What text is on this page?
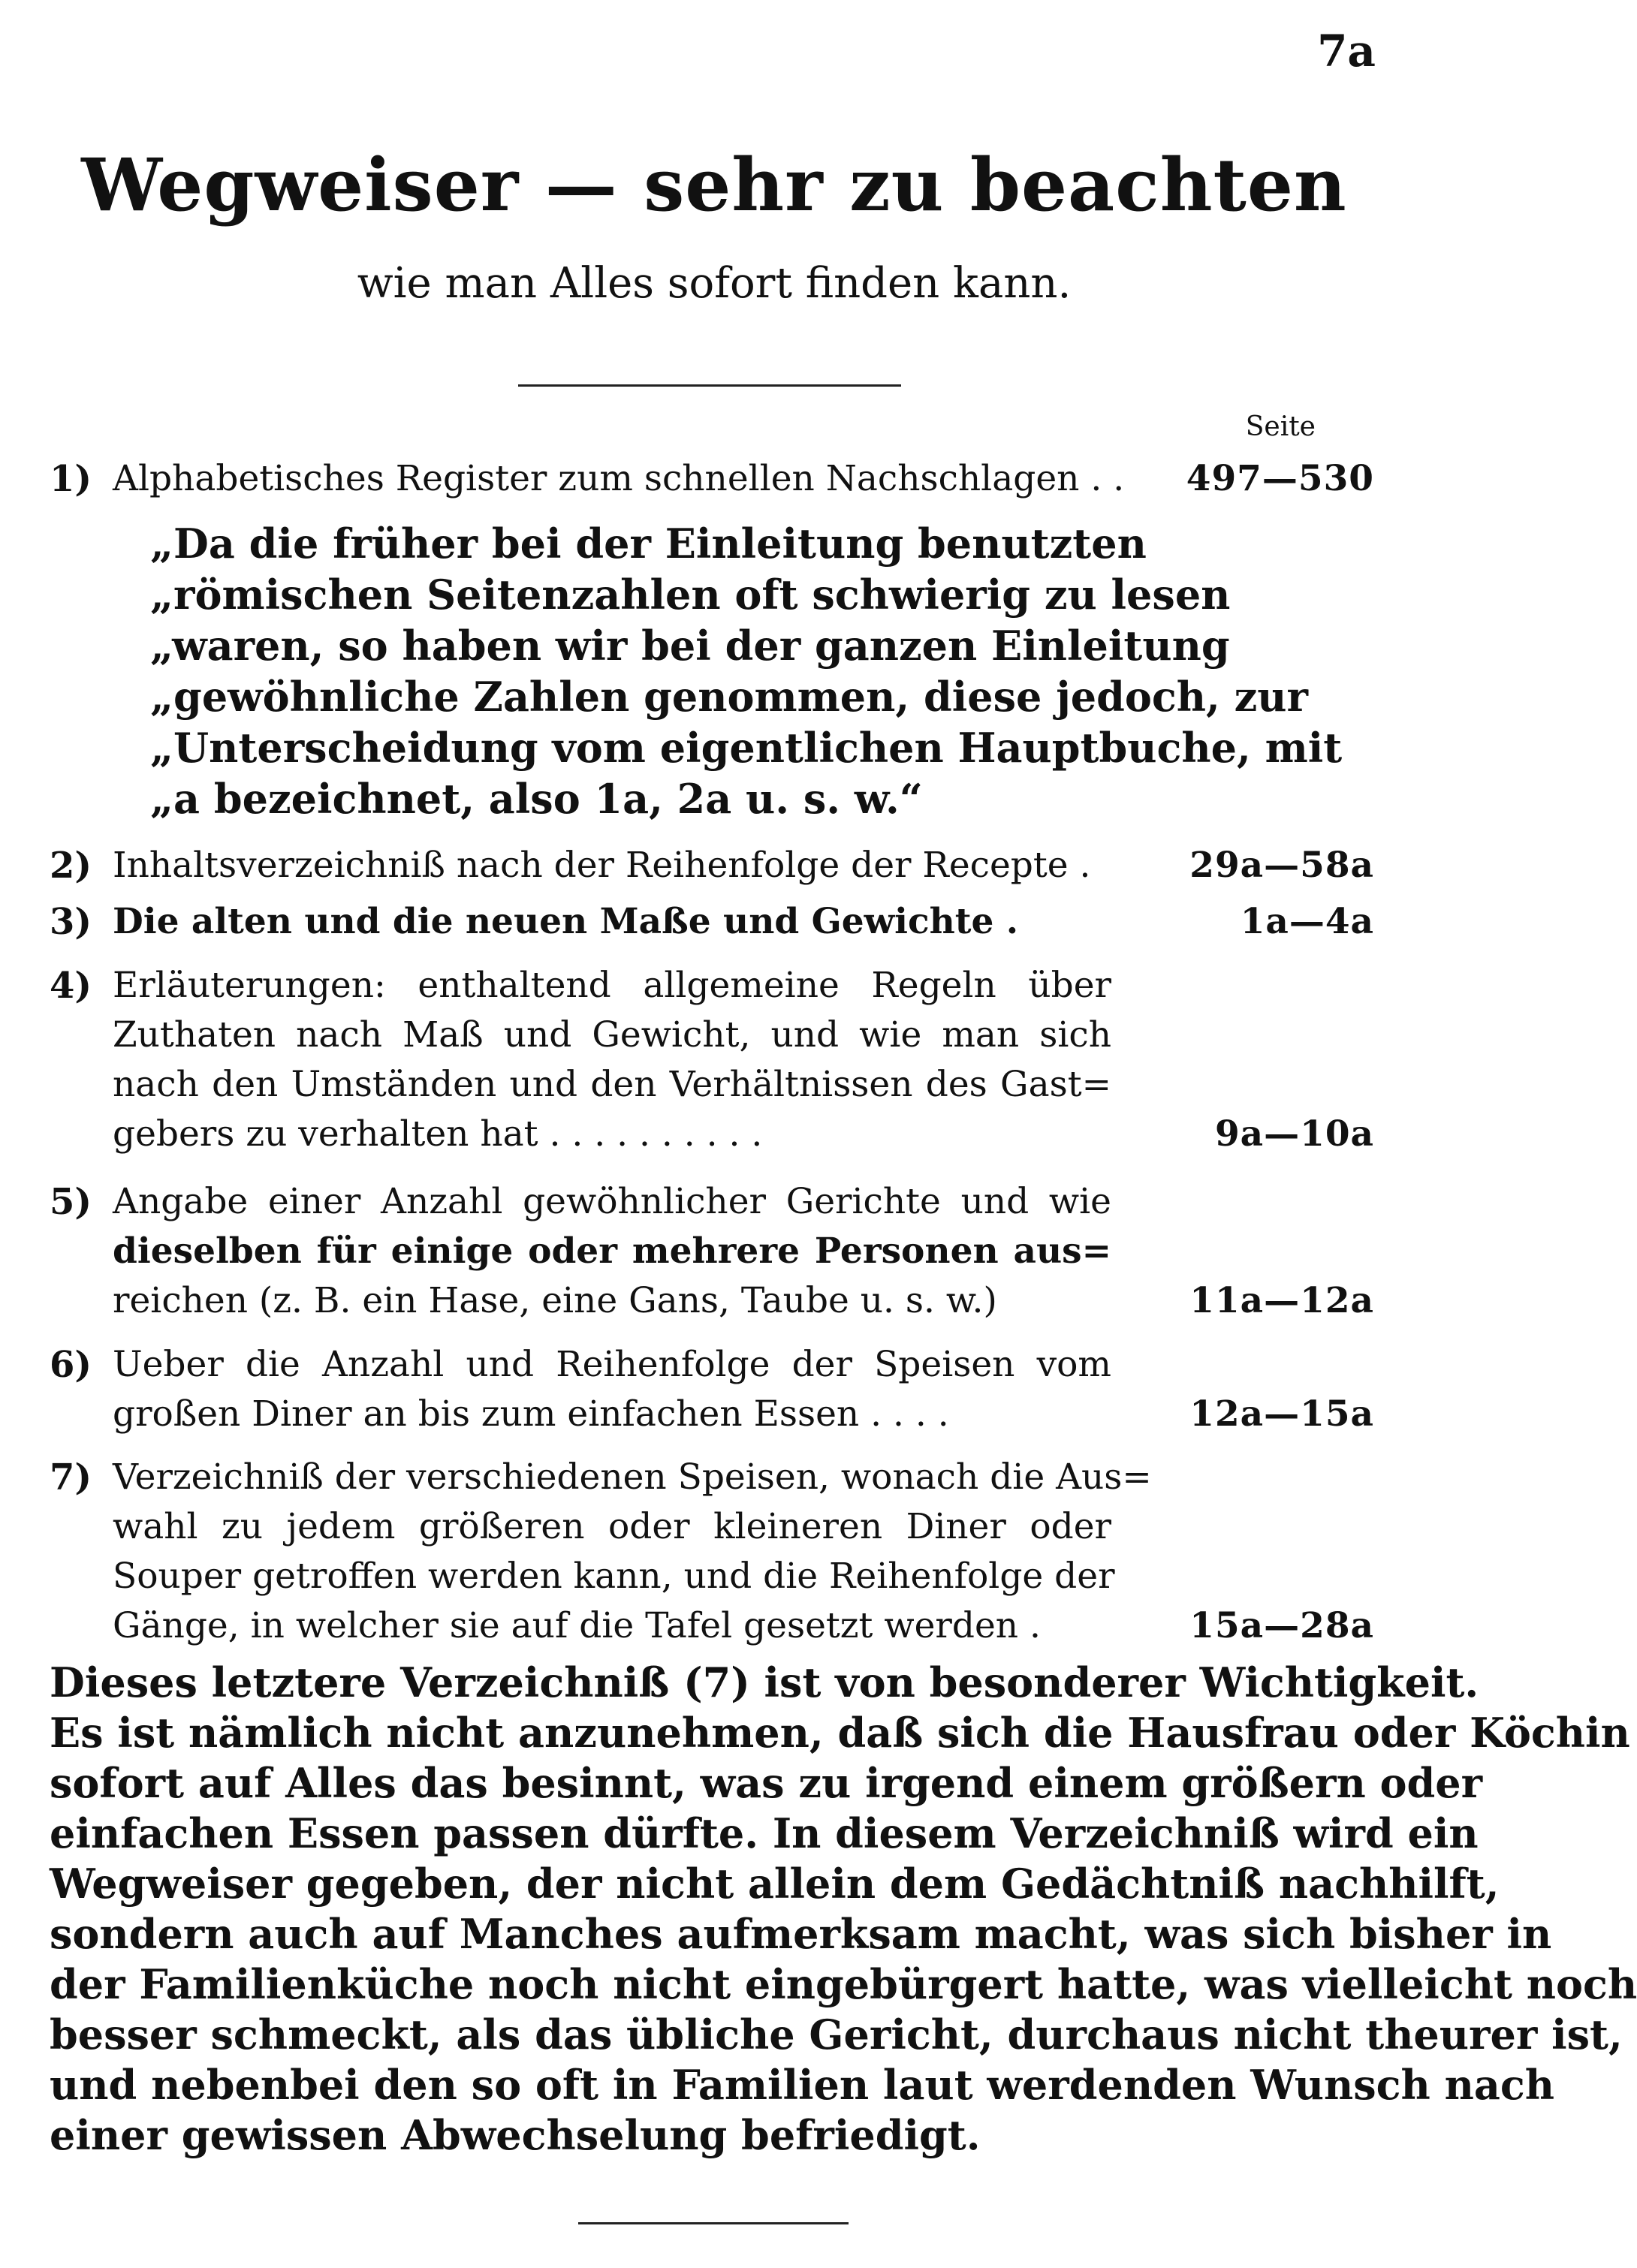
7a
Wegweiser — sehr zu beachten
wie man Alles sofort finden kann.
Seite
1) Alphabetisches Register zum schnellen Nachschlagen . .	497—530
„Da die früher bei der Einleitung benutzten
„römischen Seitenzahlen oft schwierig zu lesen
„waren, so haben wir bei der ganzen Einleitung
„gewöhnliche Zahlen genommen, diese jedoch, zur
„Unterscheidung vom eigentlichen Hauptbuche, mit
„a bezeichnet, also 1a, 2a u. s. w.“
2) Inhaltsverzeichniß nach der Reihenfolge der Recepte .	29a—58a
3) Die alten und die neuen Maße und Gewichte .	1a—4a
4) Erläuterungen: enthaltend allgemeine Regeln über
Zuthaten nach Maß und Gewicht, und wie man sich
nach den Umständen und den Verhältnissen des Gast=
gebers zu verhalten hat . . . . . . . . . .	9a—10a
5) Angabe einer Anzahl gewöhnlicher Gerichte und wie
dieselben für einige oder mehrere Personen aus=
reichen (z. B. ein Hase, eine Gans, Taube u. s. w.)	11a—12a
6) Ueber die Anzahl und Reihenfolge der Speisen vom
großen Diner an bis zum einfachen Essen . . . .	12a—15a
7) Verzeichniß der verschiedenen Speisen, wonach die Aus=
wahl zu jedem größeren oder kleineren Diner oder
Souper getroffen werden kann, und die Reihenfolge der
Gänge, in welcher sie auf die Tafel gesetzt werden .	15a—28a
Dieses letztere Verzeichniß (7) ist von besonderer Wichtigkeit.
Es ist nämlich nicht anzunehmen, daß sich die Hausfrau oder Köchin
sofort auf Alles das besinnt, was zu irgend einem größern oder
einfachen Essen passen dürfte. In diesem Verzeichniß wird ein
Wegweiser gegeben, der nicht allein dem Gedächtniß nachhilft,
sondern auch auf Manches aufmerksam macht, was sich bisher in
der Familienküche noch nicht eingebürgert hatte, was vielleicht noch
besser schmeckt, als das übliche Gericht, durchaus nicht theurer ist,
und nebenbei den so oft in Familien laut werdenden Wunsch nach
einer gewissen Abwechselung befriedigt.
